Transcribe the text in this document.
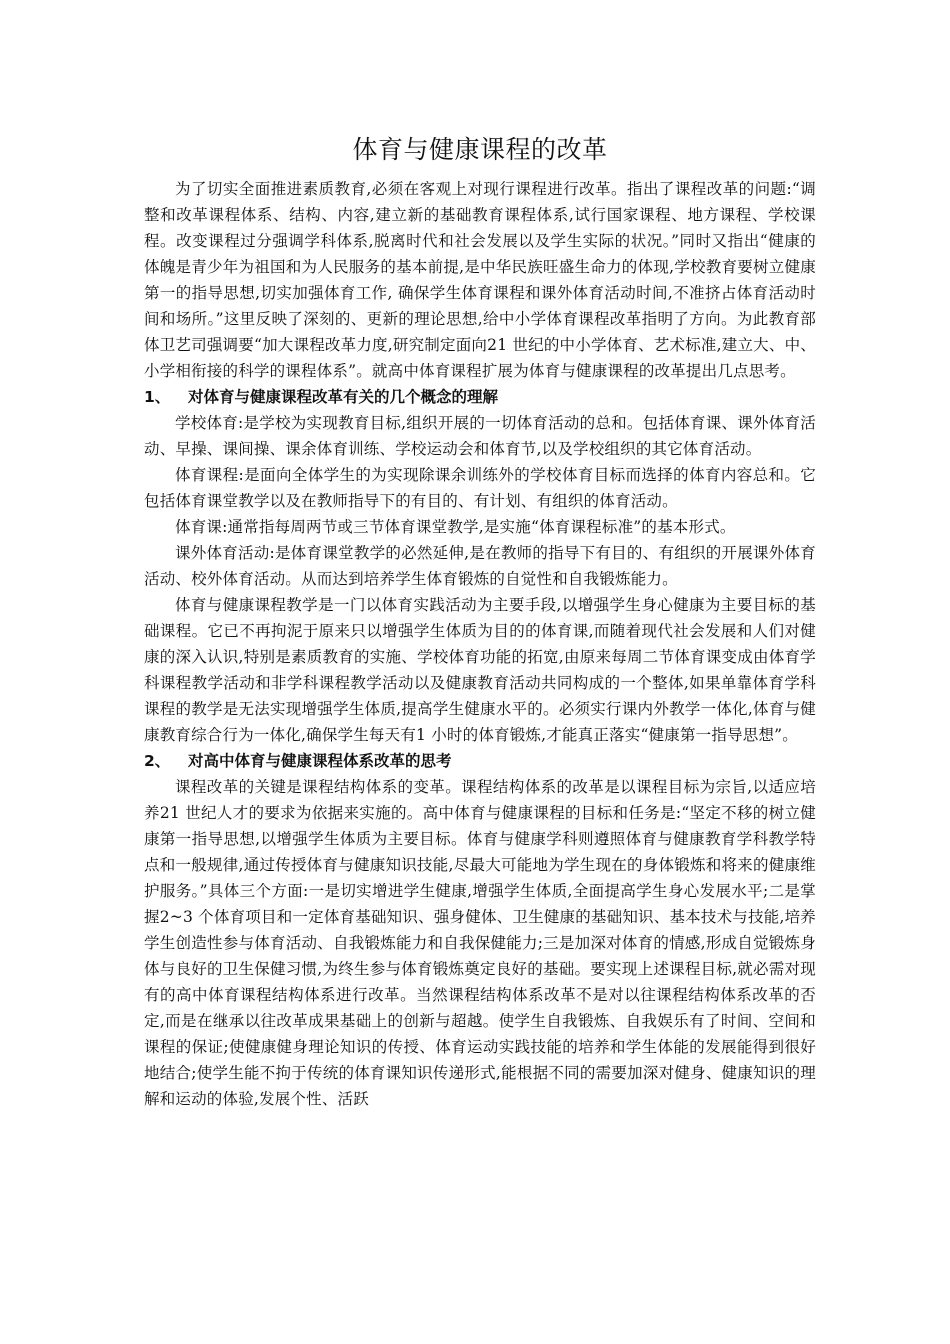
体育与健康课程的改革

为了切实全面推进素质教育,必须在客观上对现行课程进行改革。指出了课程改革的问题:“调整和改革课程体系、结构、内容,建立新的基础教育课程体系,试行国家课程、地方课程、学校课程。改变课程过分强调学科体系,脱离时代和社会发展以及学生实际的状况。”同时又指出“健康的体魄是青少年为祖国和为人民服务的基本前提,是中华民族旺盛生命力的体现,学校教育要树立健康第一的指导思想,切实加强体育工作, 确保学生体育课程和课外体育活动时间,不准挤占体育活动时间和场所。”这里反映了深刻的、更新的理论思想,给中小学体育课程改革指明了方向。为此教育部体卫艺司强调要“加大课程改革力度,研究制定面向21 世纪的中小学体育、艺术标准,建立大、中、小学相衔接的科学的课程体系”。就高中体育课程扩展为体育与健康课程的改革提出几点思考。

1、 对体育与健康课程改革有关的几个概念的理解

学校体育:是学校为实现教育目标,组织开展的一切体育活动的总和。包括体育课、课外体育活动、早操、课间操、课余体育训练、学校运动会和体育节,以及学校组织的其它体育活动。

体育课程:是面向全体学生的为实现除课余训练外的学校体育目标而选择的体育内容总和。它包括体育课堂教学以及在教师指导下的有目的、有计划、有组织的体育活动。

体育课:通常指每周两节或三节体育课堂教学,是实施“体育课程标准”的基本形式。

课外体育活动:是体育课堂教学的必然延伸,是在教师的指导下有目的、有组织的开展课外体育活动、校外体育活动。从而达到培养学生体育锻炼的自觉性和自我锻炼能力。

体育与健康课程教学是一门以体育实践活动为主要手段,以增强学生身心健康为主要目标的基础课程。它已不再拘泥于原来只以增强学生体质为目的的体育课,而随着现代社会发展和人们对健康的深入认识,特别是素质教育的实施、学校体育功能的拓宽,由原来每周二节体育课变成由体育学科课程教学活动和非学科课程教学活动以及健康教育活动共同构成的一个整体,如果单靠体育学科课程的教学是无法实现增强学生体质,提高学生健康水平的。必须实行课内外教学一体化,体育与健康教育综合行为一体化,确保学生每天有1 小时的体育锻炼,才能真正落实“健康第一指导思想”。

2、 对高中体育与健康课程体系改革的思考

课程改革的关键是课程结构体系的变革。课程结构体系的改革是以课程目标为宗旨,以适应培养21 世纪人才的要求为依据来实施的。高中体育与健康课程的目标和任务是:“坚定不移的树立健康第一指导思想,以增强学生体质为主要目标。体育与健康学科则遵照体育与健康教育学科教学特点和一般规律,通过传授体育与健康知识技能,尽最大可能地为学生现在的身体锻炼和将来的健康维护服务。”具体三个方面:一是切实增进学生健康,增强学生体质,全面提高学生身心发展水平;二是掌握2~3 个体育项目和一定体育基础知识、强身健体、卫生健康的基础知识、基本技术与技能,培养学生创造性参与体育活动、自我锻炼能力和自我保健能力;三是加深对体育的情感,形成自觉锻炼身体与良好的卫生保健习惯,为终生参与体育锻炼奠定良好的基础。要实现上述课程目标,就必需对现有的高中体育课程结构体系进行改革。当然课程结构体系改革不是对以往课程结构体系改革的否定,而是在继承以往改革成果基础上的创新与超越。使学生自我锻炼、自我娱乐有了时间、空间和课程的保证;使健康健身理论知识的传授、体育运动实践技能的培养和学生体能的发展能得到很好地结合;使学生能不拘于传统的体育课知识传递形式,能根据不同的需要加深对健身、健康知识的理解和运动的体验,发展个性、活跃
